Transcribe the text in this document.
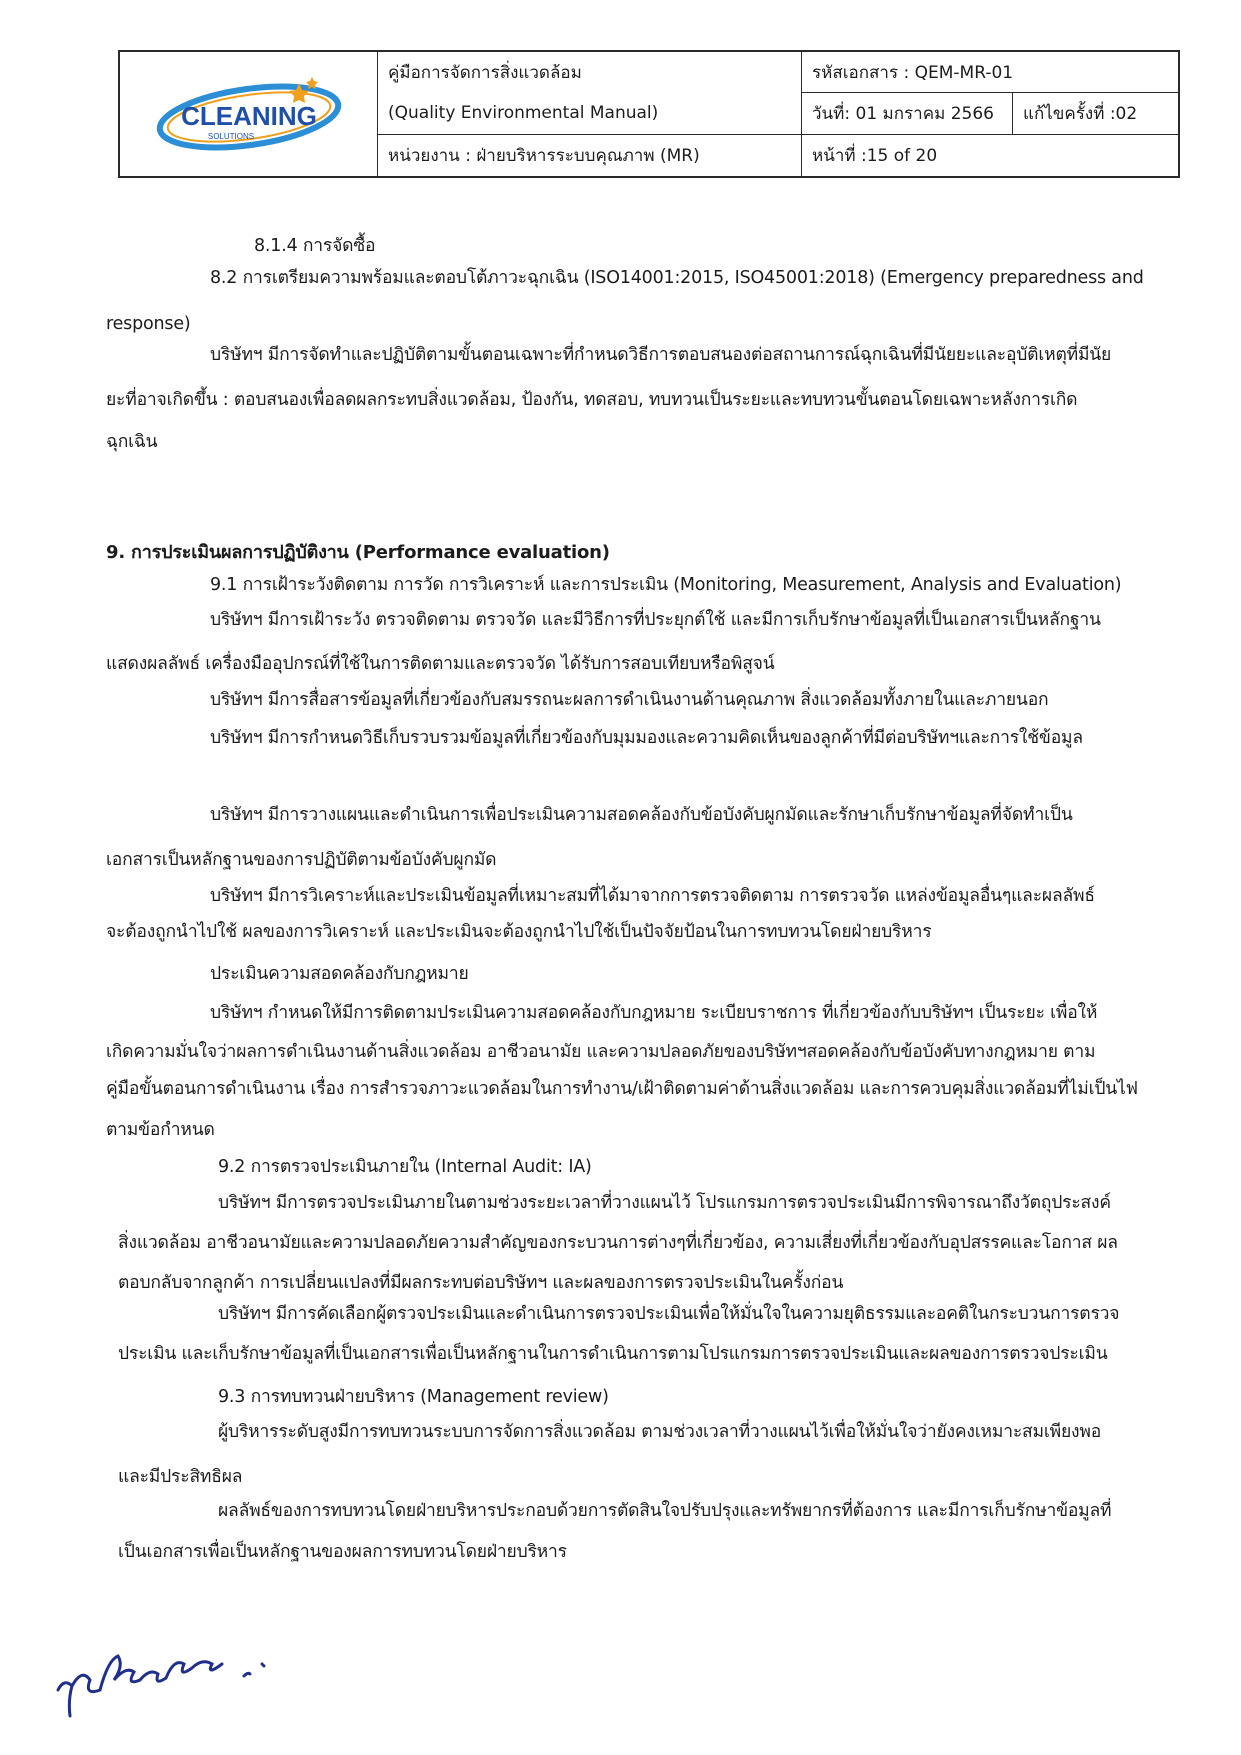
CLEANING
SOLUTIONS
คู่มือการจัดการสิ่งแวดล้อม
(Quality Environmental Manual)
หน่วยงาน : ฝ่ายบริหารระบบคุณภาพ (MR)
รหัสเอกสาร : QEM-MR-01
วันที่: 01 มกราคม 2566	แก้ไขครั้งที่ :02
หน้าที่ :15 of 20
8.1.4 การจัดซื้อ
8.2 การเตรียมความพร้อมและตอบโต้ภาวะฉุกเฉิน (ISO14001:2015, ISO45001:2018) (Emergency preparedness and
response)
บริษัทฯ มีการจัดทำและปฏิบัติตามขั้นตอนเฉพาะที่กำหนดวิธีการตอบสนองต่อสถานการณ์ฉุกเฉินที่มีนัยยะและอุบัติเหตุที่มีนัย
ยะที่อาจเกิดขึ้น : ตอบสนองเพื่อลดผลกระทบสิ่งแวดล้อม, ป้องกัน, ทดสอบ, ทบทวนเป็นระยะและทบทวนขั้นตอนโดยเฉพาะหลังการเกิด
ฉุกเฉิน
9. การประเมินผลการปฏิบัติงาน (Performance evaluation)
9.1 การเฝ้าระวังติดตาม การวัด การวิเคราะห์ และการประเมิน (Monitoring, Measurement, Analysis and Evaluation)
บริษัทฯ มีการเฝ้าระวัง ตรวจติดตาม ตรวจวัด และมีวิธีการที่ประยุกต์ใช้ และมีการเก็บรักษาข้อมูลที่เป็นเอกสารเป็นหลักฐาน
แสดงผลลัพธ์ เครื่องมืออุปกรณ์ที่ใช้ในการติดตามและตรวจวัด ได้รับการสอบเทียบหรือพิสูจน์
บริษัทฯ มีการสื่อสารข้อมูลที่เกี่ยวข้องกับสมรรถนะผลการดำเนินงานด้านคุณภาพ สิ่งแวดล้อมทั้งภายในและภายนอก
บริษัทฯ มีการกำหนดวิธีเก็บรวบรวมข้อมูลที่เกี่ยวข้องกับมุมมองและความคิดเห็นของลูกค้าที่มีต่อบริษัทฯและการใช้ข้อมูล
บริษัทฯ มีการวางแผนและดำเนินการเพื่อประเมินความสอดคล้องกับข้อบังคับผูกมัดและรักษาเก็บรักษาข้อมูลที่จัดทำเป็น
เอกสารเป็นหลักฐานของการปฏิบัติตามข้อบังคับผูกมัด
บริษัทฯ มีการวิเคราะห์และประเมินข้อมูลที่เหมาะสมที่ได้มาจากการตรวจติดตาม การตรวจวัด แหล่งข้อมูลอื่นๆและผลลัพธ์
จะต้องถูกนำไปใช้ ผลของการวิเคราะห์ และประเมินจะต้องถูกนำไปใช้เป็นปัจจัยป้อนในการทบทวนโดยฝ่ายบริหาร
ประเมินความสอดคล้องกับกฎหมาย
บริษัทฯ กำหนดให้มีการติดตามประเมินความสอดคล้องกับกฎหมาย ระเบียบราชการ ที่เกี่ยวข้องกับบริษัทฯ เป็นระยะ เพื่อให้
เกิดความมั่นใจว่าผลการดำเนินงานด้านสิ่งแวดล้อม อาชีวอนามัย และความปลอดภัยของบริษัทฯสอดคล้องกับข้อบังคับทางกฎหมาย ตาม
คู่มือขั้นตอนการดำเนินงาน เรื่อง การสำรวจภาวะแวดล้อมในการทำงาน/เฝ้าติดตามค่าด้านสิ่งแวดล้อม และการควบคุมสิ่งแวดล้อมที่ไม่เป็นไฟ
ตามข้อกำหนด
9.2 การตรวจประเมินภายใน (Internal Audit: IA)
บริษัทฯ มีการตรวจประเมินภายในตามช่วงระยะเวลาที่วางแผนไว้ โปรแกรมการตรวจประเมินมีการพิจารณาถึงวัตถุประสงค์
สิ่งแวดล้อม อาชีวอนามัยและความปลอดภัยความสำคัญของกระบวนการต่างๆที่เกี่ยวข้อง, ความเสี่ยงที่เกี่ยวข้องกับอุปสรรคและโอกาส ผล
ตอบกลับจากลูกค้า การเปลี่ยนแปลงที่มีผลกระทบต่อบริษัทฯ และผลของการตรวจประเมินในครั้งก่อน
บริษัทฯ มีการคัดเลือกผู้ตรวจประเมินและดำเนินการตรวจประเมินเพื่อให้มั่นใจในความยุติธรรมและอคติในกระบวนการตรวจ
ประเมิน และเก็บรักษาข้อมูลที่เป็นเอกสารเพื่อเป็นหลักฐานในการดำเนินการตามโปรแกรมการตรวจประเมินและผลของการตรวจประเมิน
9.3 การทบทวนฝ่ายบริหาร (Management review)
ผู้บริหารระดับสูงมีการทบทวนระบบการจัดการสิ่งแวดล้อม ตามช่วงเวลาที่วางแผนไว้เพื่อให้มั่นใจว่ายังคงเหมาะสมเพียงพอ
และมีประสิทธิผล
ผลลัพธ์ของการทบทวนโดยฝ่ายบริหารประกอบด้วยการตัดสินใจปรับปรุงและทรัพยากรที่ต้องการ และมีการเก็บรักษาข้อมูลที่
เป็นเอกสารเพื่อเป็นหลักฐานของผลการทบทวนโดยฝ่ายบริหาร
